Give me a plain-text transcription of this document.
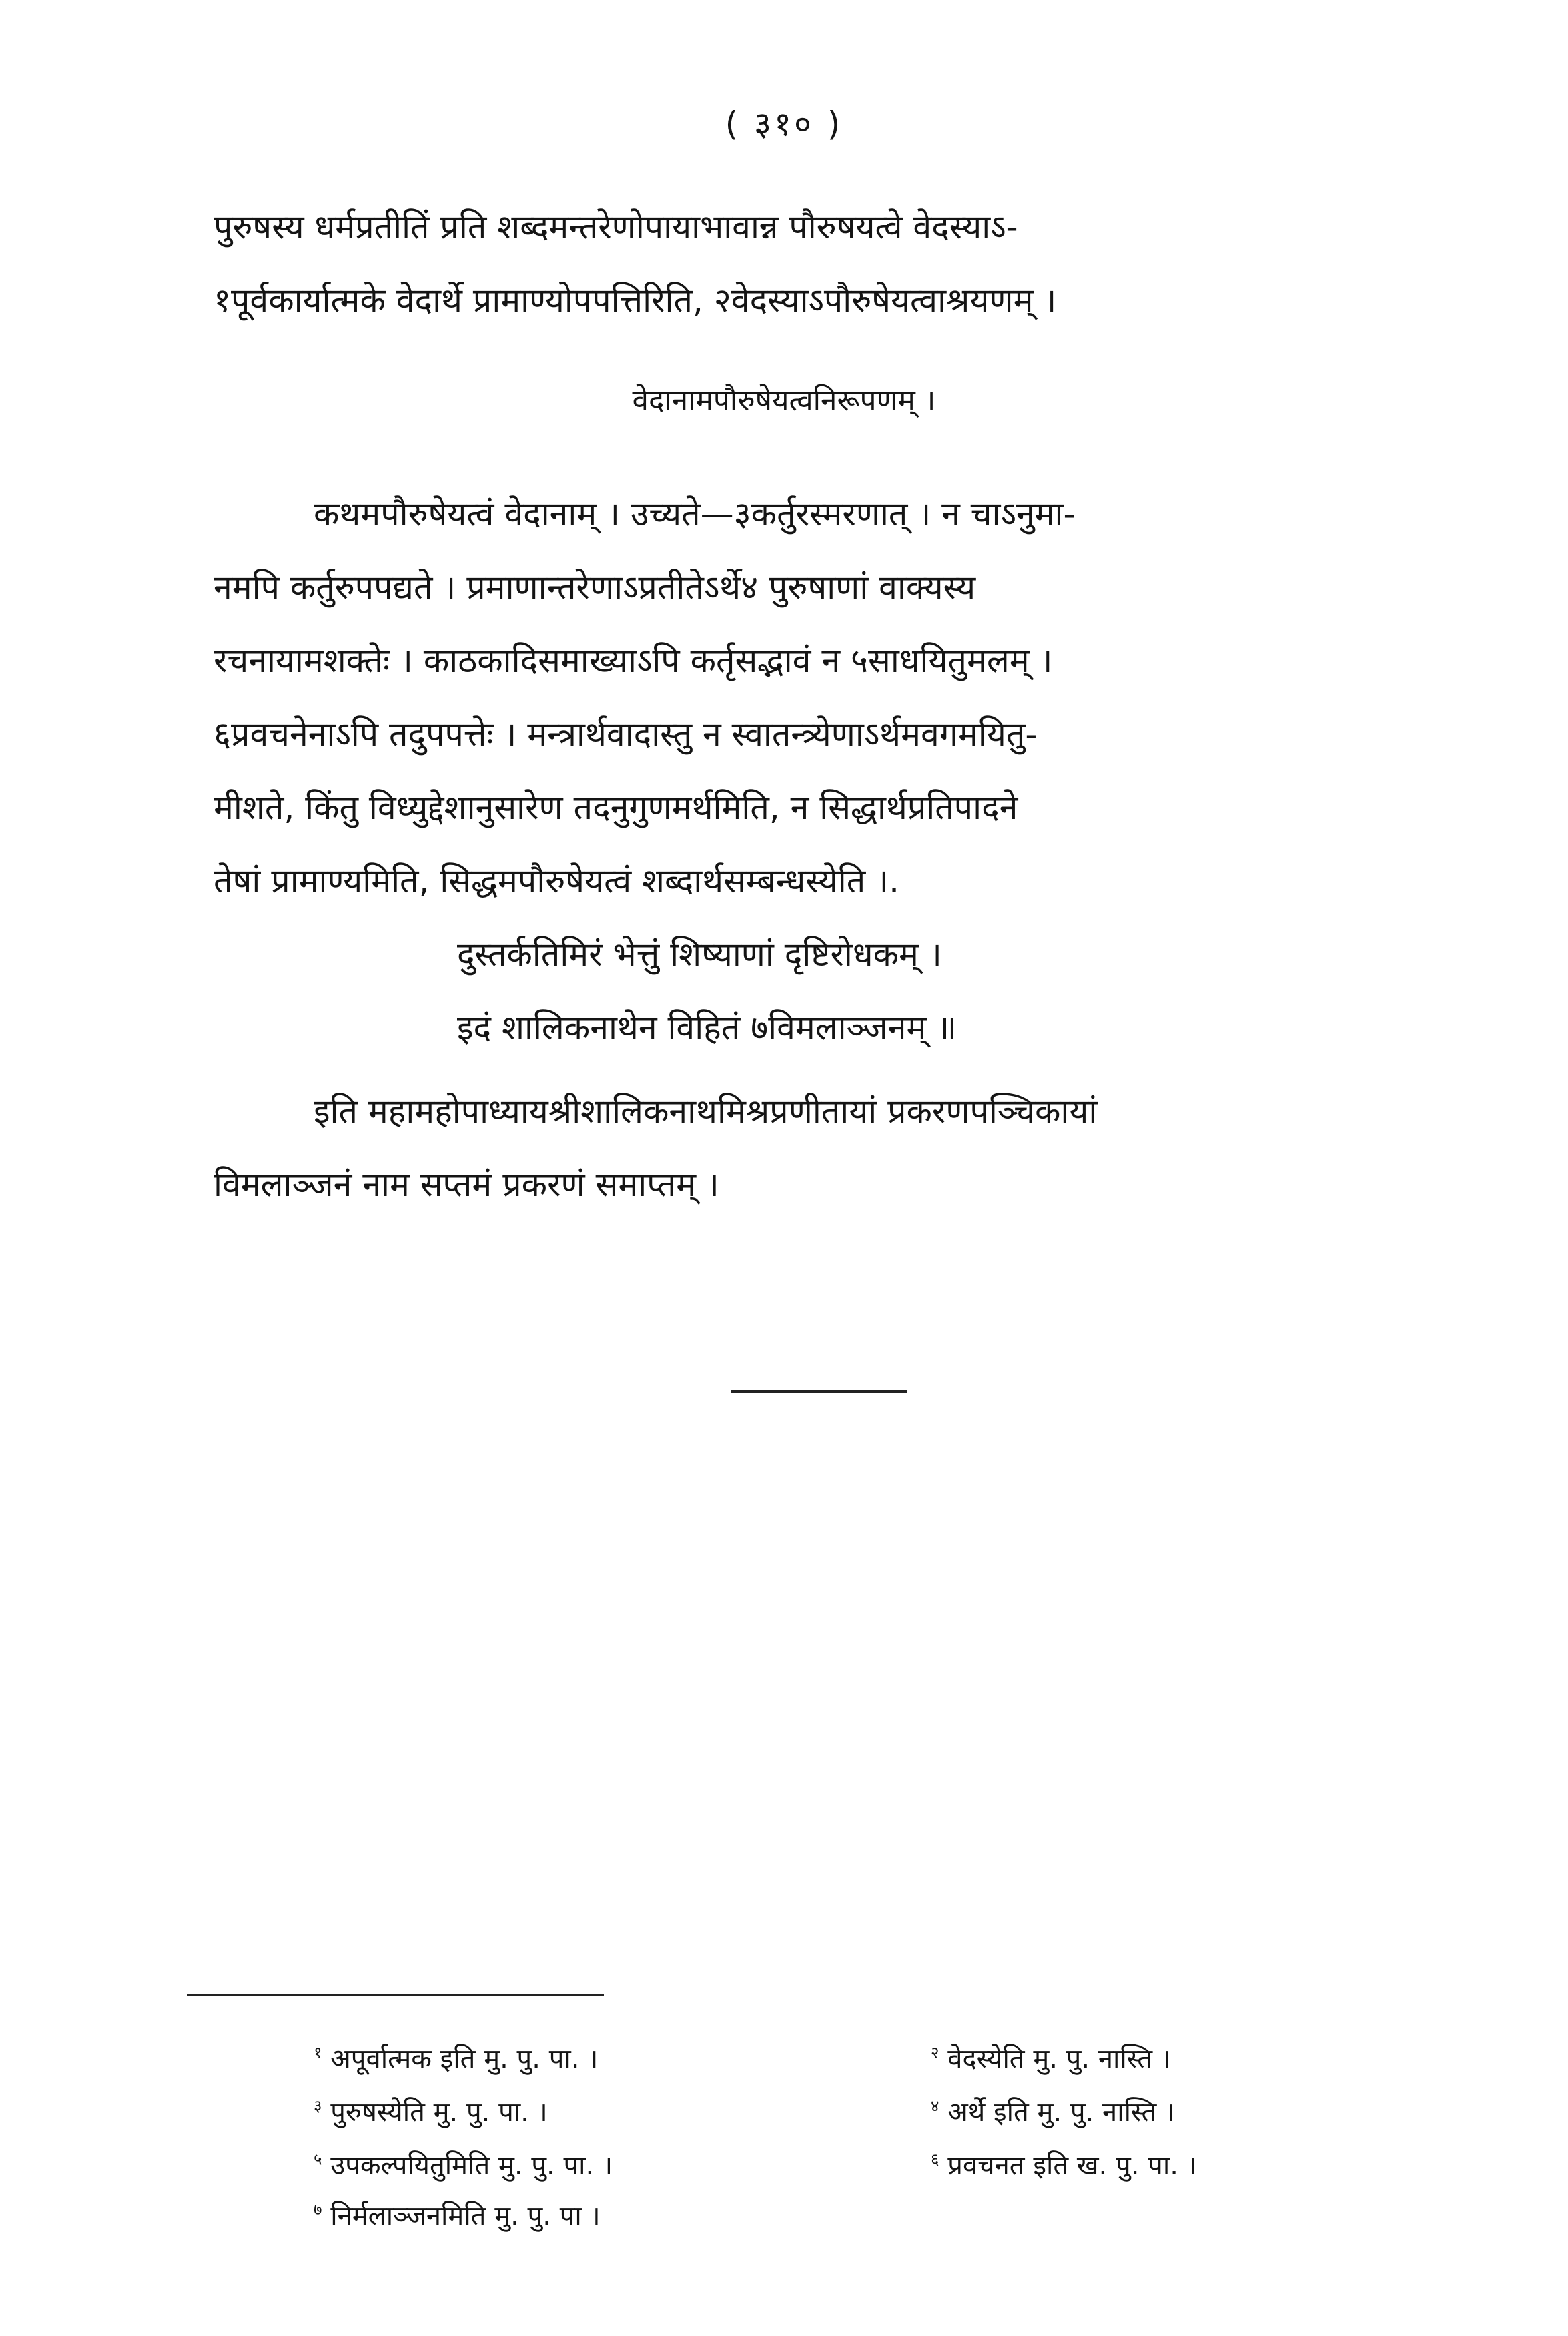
( ३१० )
पुरुषस्य धर्मप्रतीतिं प्रति शब्दमन्तरेणोपायाभावान्न पौरुषयत्वे वेदस्याऽ-
१पूर्वकार्यात्मके वेदार्थे प्रामाण्योपपत्तिरिति, २वेदस्याऽपौरुषेयत्वाश्रयणम् ।
वेदानामपौरुषेयत्वनिरूपणम् ।
कथमपौरुषेयत्वं वेदानाम् । उच्यते—३कर्तुरस्मरणात् । न चाऽनुमा-
नमपि कर्तुरुपपद्यते । प्रमाणान्तरेणाऽप्रतीतेऽर्थे४ पुरुषाणां वाक्यस्य
रचनायामशक्तेः । काठकादिसमाख्याऽपि कर्तृसद्भावं न ५साधयितुमलम् ।
६प्रवचनेनाऽपि तदुपपत्तेः । मन्त्रार्थवादास्तु न स्वातन्त्र्येणाऽर्थमवगमयितु-
मीशते, किंतु विध्युद्देशानुसारेण तदनुगुणमर्थमिति, न सिद्धार्थप्रतिपादने
तेषां प्रामाण्यमिति, सिद्धमपौरुषेयत्वं शब्दार्थसम्बन्धस्येति ।.
दुस्तर्कतिमिरं भेत्तुं शिष्याणां दृष्टिरोधकम् ।
इदं शालिकनाथेन विहितं ७विमलाञ्जनम् ॥
इति महामहोपाध्यायश्रीशालिकनाथमिश्रप्रणीतायां प्रकरणपञ्चिकायां
विमलाञ्जनं नाम सप्तमं प्रकरणं समाप्तम् ।
$^१$ अपूर्वात्मक इति मु. पु. पा. ।	$^२$ वेदस्येति मु. पु. नास्ति ।
$^३$ पुरुषस्येति मु. पु. पा. ।	$^४$ अर्थे इति मु. पु. नास्ति ।
$^५$ उपकल्पयितुमिति मु. पु. पा. ।	$^६$ प्रवचनत इति ख. पु. पा. ।
$^७$ निर्मलाञ्जनमिति मु. पु. पा ।
